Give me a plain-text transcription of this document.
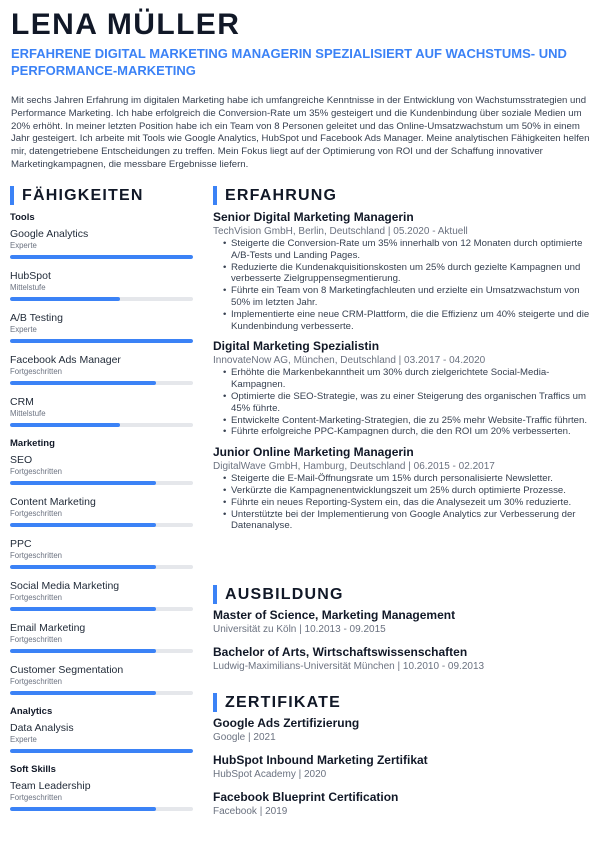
LENA MÜLLER
ERFAHRENE DIGITAL MARKETING MANAGERIN SPEZIALISIERT AUF WACHSTUMS- UND PERFORMANCE-MARKETING
Mit sechs Jahren Erfahrung im digitalen Marketing habe ich umfangreiche Kenntnisse in der Entwicklung von Wachstumsstrategien und Performance Marketing. Ich habe erfolgreich die Conversion-Rate um 35% gesteigert und die Kundenbindung über soziale Medien um 20% erhöht. In meiner letzten Position habe ich ein Team von 8 Personen geleitet und das Online-Umsatzwachstum um 50% in einem Jahr gesteigert. Ich arbeite mit Tools wie Google Analytics, HubSpot und Facebook Ads Manager. Meine analytischen Fähigkeiten helfen mir, datengetriebene Entscheidungen zu treffen. Mein Fokus liegt auf der Optimierung von ROI und der Schaffung innovativer Marketingkampagnen, die messbare Ergebnisse liefern.
FÄHIGKEITEN
Tools
Google Analytics
Experte
HubSpot
Mittelstufe
A/B Testing
Experte
Facebook Ads Manager
Fortgeschritten
CRM
Mittelstufe
Marketing
SEO
Fortgeschritten
Content Marketing
Fortgeschritten
PPC
Fortgeschritten
Social Media Marketing
Fortgeschritten
Email Marketing
Fortgeschritten
Customer Segmentation
Fortgeschritten
Analytics
Data Analysis
Experte
Soft Skills
Team Leadership
Fortgeschritten
ERFAHRUNG
Senior Digital Marketing Managerin
TechVision GmbH, Berlin, Deutschland | 05.2020 - Aktuell
• Steigerte die Conversion-Rate um 35% innerhalb von 12 Monaten durch optimierte A/B-Tests und Landing Pages.
• Reduzierte die Kundenakquisitionskosten um 25% durch gezielte Kampagnen und verbesserte Zielgruppensegmentierung.
• Führte ein Team von 8 Marketingfachleuten und erzielte ein Umsatzwachstum von 50% im letzten Jahr.
• Implementierte eine neue CRM-Plattform, die die Effizienz um 40% steigerte und die Kundenbindung verbesserte.
Digital Marketing Spezialistin
InnovateNow AG, München, Deutschland | 03.2017 - 04.2020
• Erhöhte die Markenbekanntheit um 30% durch zielgerichtete Social-Media-Kampagnen.
• Optimierte die SEO-Strategie, was zu einer Steigerung des organischen Traffics um 45% führte.
• Entwickelte Content-Marketing-Strategien, die zu 25% mehr Website-Traffic führten.
• Führte erfolgreiche PPC-Kampagnen durch, die den ROI um 20% verbesserten.
Junior Online Marketing Managerin
DigitalWave GmbH, Hamburg, Deutschland | 06.2015 - 02.2017
• Steigerte die E-Mail-Öffnungsrate um 15% durch personalisierte Newsletter.
• Verkürzte die Kampagnenentwicklungszeit um 25% durch optimierte Prozesse.
• Führte ein neues Reporting-System ein, das die Analysezeit um 30% reduzierte.
• Unterstützte bei der Implementierung von Google Analytics zur Verbesserung der Datenanalyse.
AUSBILDUNG
Master of Science, Marketing Management
Universität zu Köln | 10.2013 - 09.2015
Bachelor of Arts, Wirtschaftswissenschaften
Ludwig-Maximilians-Universität München | 10.2010 - 09.2013
ZERTIFIKATE
Google Ads Zertifizierung
Google | 2021
HubSpot Inbound Marketing Zertifikat
HubSpot Academy | 2020
Facebook Blueprint Certification
Facebook | 2019
